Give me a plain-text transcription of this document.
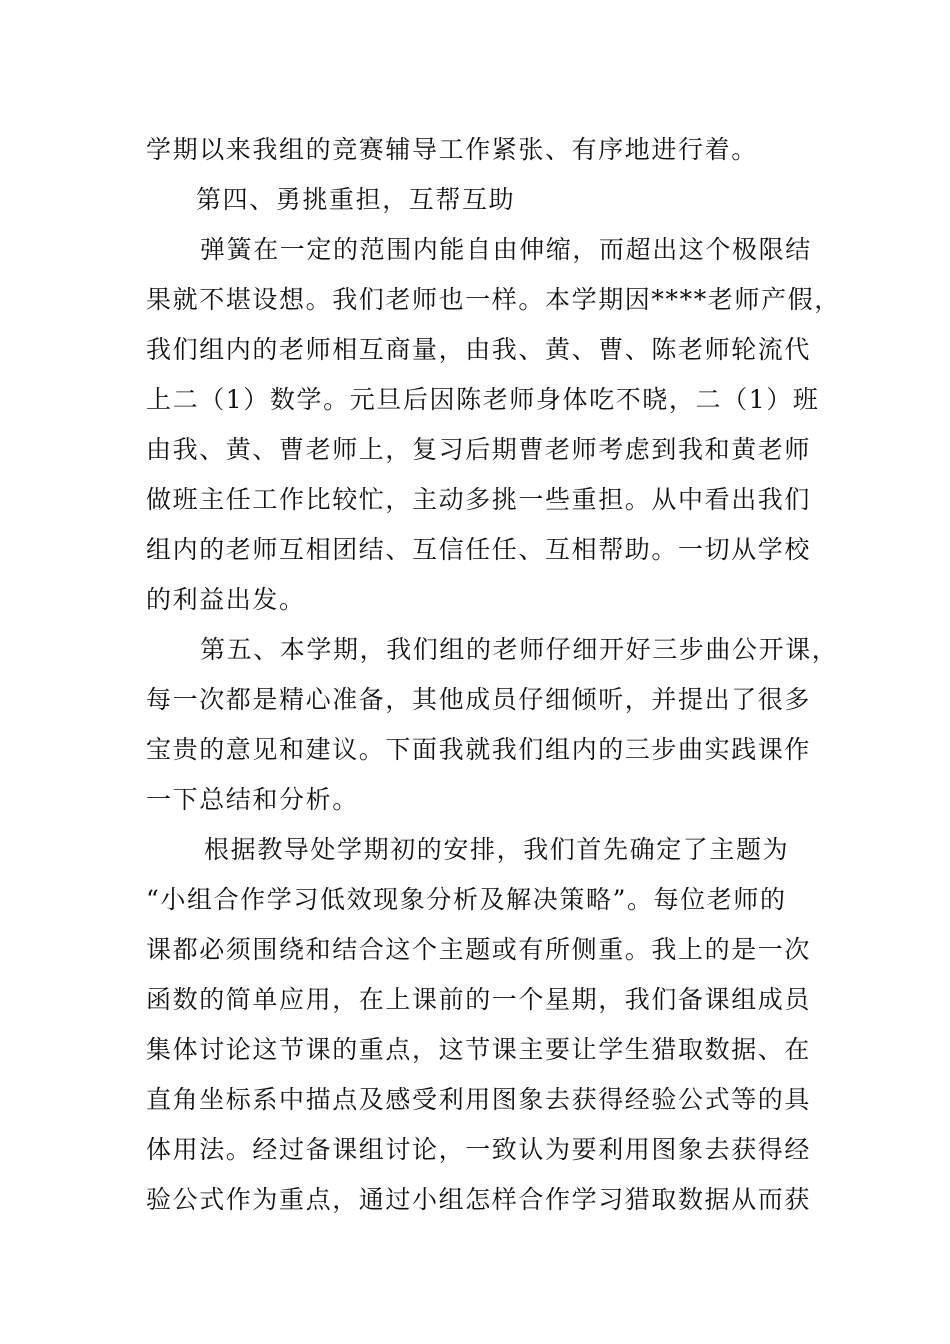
学期以来我组的竞赛辅导工作紧张、有序地进行着。
第四、勇挑重担，互帮互助
弹簧在一定的范围内能自由伸缩，而超出这个极限结
果就不堪设想。我们老师也一样。本学期因****老师产假，
我们组内的老师相互商量，由我、黄、曹、陈老师轮流代
上二（1）数学。元旦后因陈老师身体吃不晓，二（1）班
由我、黄、曹老师上，复习后期曹老师考虑到我和黄老师
做班主任工作比较忙，主动多挑一些重担。从中看出我们
组内的老师互相团结、互信任任、互相帮助。一切从学校
的利益出发。
第五、本学期，我们组的老师仔细开好三步曲公开课，
每一次都是精心准备，其他成员仔细倾听，并提出了很多
宝贵的意见和建议。下面我就我们组内的三步曲实践课作
一下总结和分析。
根据教导处学期初的安排，我们首先确定了主题为
“小组合作学习低效现象分析及解决策略”。每位老师的
课都必须围绕和结合这个主题或有所侧重。我上的是一次
函数的简单应用，在上课前的一个星期，我们备课组成员
集体讨论这节课的重点，这节课主要让学生猎取数据、在
直角坐标系中描点及感受利用图象去获得经验公式等的具
体用法。经过备课组讨论，一致认为要利用图象去获得经
验公式作为重点，通过小组怎样合作学习猎取数据从而获
